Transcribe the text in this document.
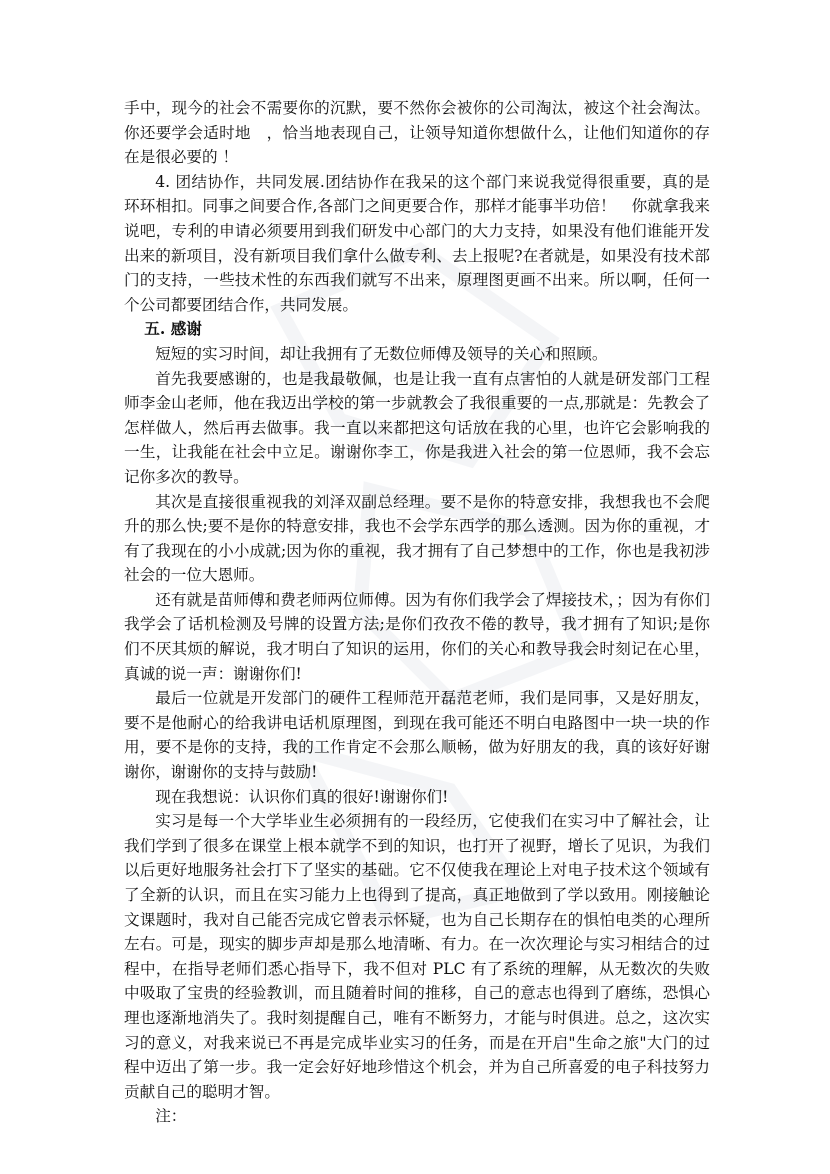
手中，现今的社会不需要你的沉默，要不然你会被你的公司淘汰，被这个社会淘汰。你还要学会适时地　，恰当地表现自己，让领导知道你想做什么，让他们知道你的存在是很必要的 ！

4. 团结协作，共同发展.团结协作在我呆的这个部门来说我觉得很重要，真的是环环相扣。同事之间要合作,各部门之间更要合作，那样才能事半功倍！　你就拿我来说吧，专利的申请必须要用到我们研发中心部门的大力支持，如果没有他们谁能开发出来的新项目，没有新项目我们拿什么做专利、去上报呢?在者就是，如果没有技术部门的支持，一些技术性的东西我们就写不出来，原理图更画不出来。所以啊，任何一个公司都要团结合作，共同发展。

五. 感谢

短短的实习时间，却让我拥有了无数位师傅及领导的关心和照顾。

首先我要感谢的，也是我最敬佩，也是让我一直有点害怕的人就是研发部门工程师李金山老师，他在我迈出学校的第一步就教会了我很重要的一点,那就是：先教会了怎样做人，然后再去做事。我一直以来都把这句话放在我的心里，也许它会影响我的一生，让我能在社会中立足。谢谢你李工，你是我进入社会的第一位恩师，我不会忘记你多次的教导。

其次是直接很重视我的刘泽双副总经理。要不是你的特意安排，我想我也不会爬升的那么快;要不是你的特意安排，我也不会学东西学的那么透测。因为你的重视，才有了我现在的小小成就;因为你的重视，我才拥有了自己梦想中的工作，你也是我初涉社会的一位大恩师。

还有就是苗师傅和费老师两位师傅。因为有你们我学会了焊接技术，；因为有你们我学会了话机检测及号牌的设置方法;是你们孜孜不倦的教导，我才拥有了知识;是你们不厌其烦的解说，我才明白了知识的运用，你们的关心和教导我会时刻记在心里，真诚的说一声：谢谢你们!

最后一位就是开发部门的硬件工程师范开磊范老师，我们是同事，又是好朋友，要不是他耐心的给我讲电话机原理图，到现在我可能还不明白电路图中一块一块的作用，要不是你的支持，我的工作肯定不会那么顺畅，做为好朋友的我，真的该好好谢谢你，谢谢你的支持与鼓励!

现在我想说：认识你们真的很好!谢谢你们!

实习是每一个大学毕业生必须拥有的一段经历，它使我们在实习中了解社会，让我们学到了很多在课堂上根本就学不到的知识，也打开了视野，增长了见识，为我们以后更好地服务社会打下了坚实的基础。它不仅使我在理论上对电子技术这个领域有了全新的认识，而且在实习能力上也得到了提高，真正地做到了学以致用。刚接触论文课题时，我对自己能否完成它曾表示怀疑，也为自己长期存在的惧怕电类的心理所左右。可是，现实的脚步声却是那么地清晰、有力。在一次次理论与实习相结合的过程中，在指导老师们悉心指导下，我不但对 PLC 有了系统的理解，从无数次的失败中吸取了宝贵的经验教训，而且随着时间的推移，自己的意志也得到了磨练，恐惧心理也逐渐地消失了。我时刻提醒自己，唯有不断努力，才能与时俱进。总之，这次实习的意义，对我来说已不再是完成毕业实习的任务，而是在开启"生命之旅"大门的过程中迈出了第一步。我一定会好好地珍惜这个机会，并为自己所喜爱的电子科技努力贡献自己的聪明才智。

注：
